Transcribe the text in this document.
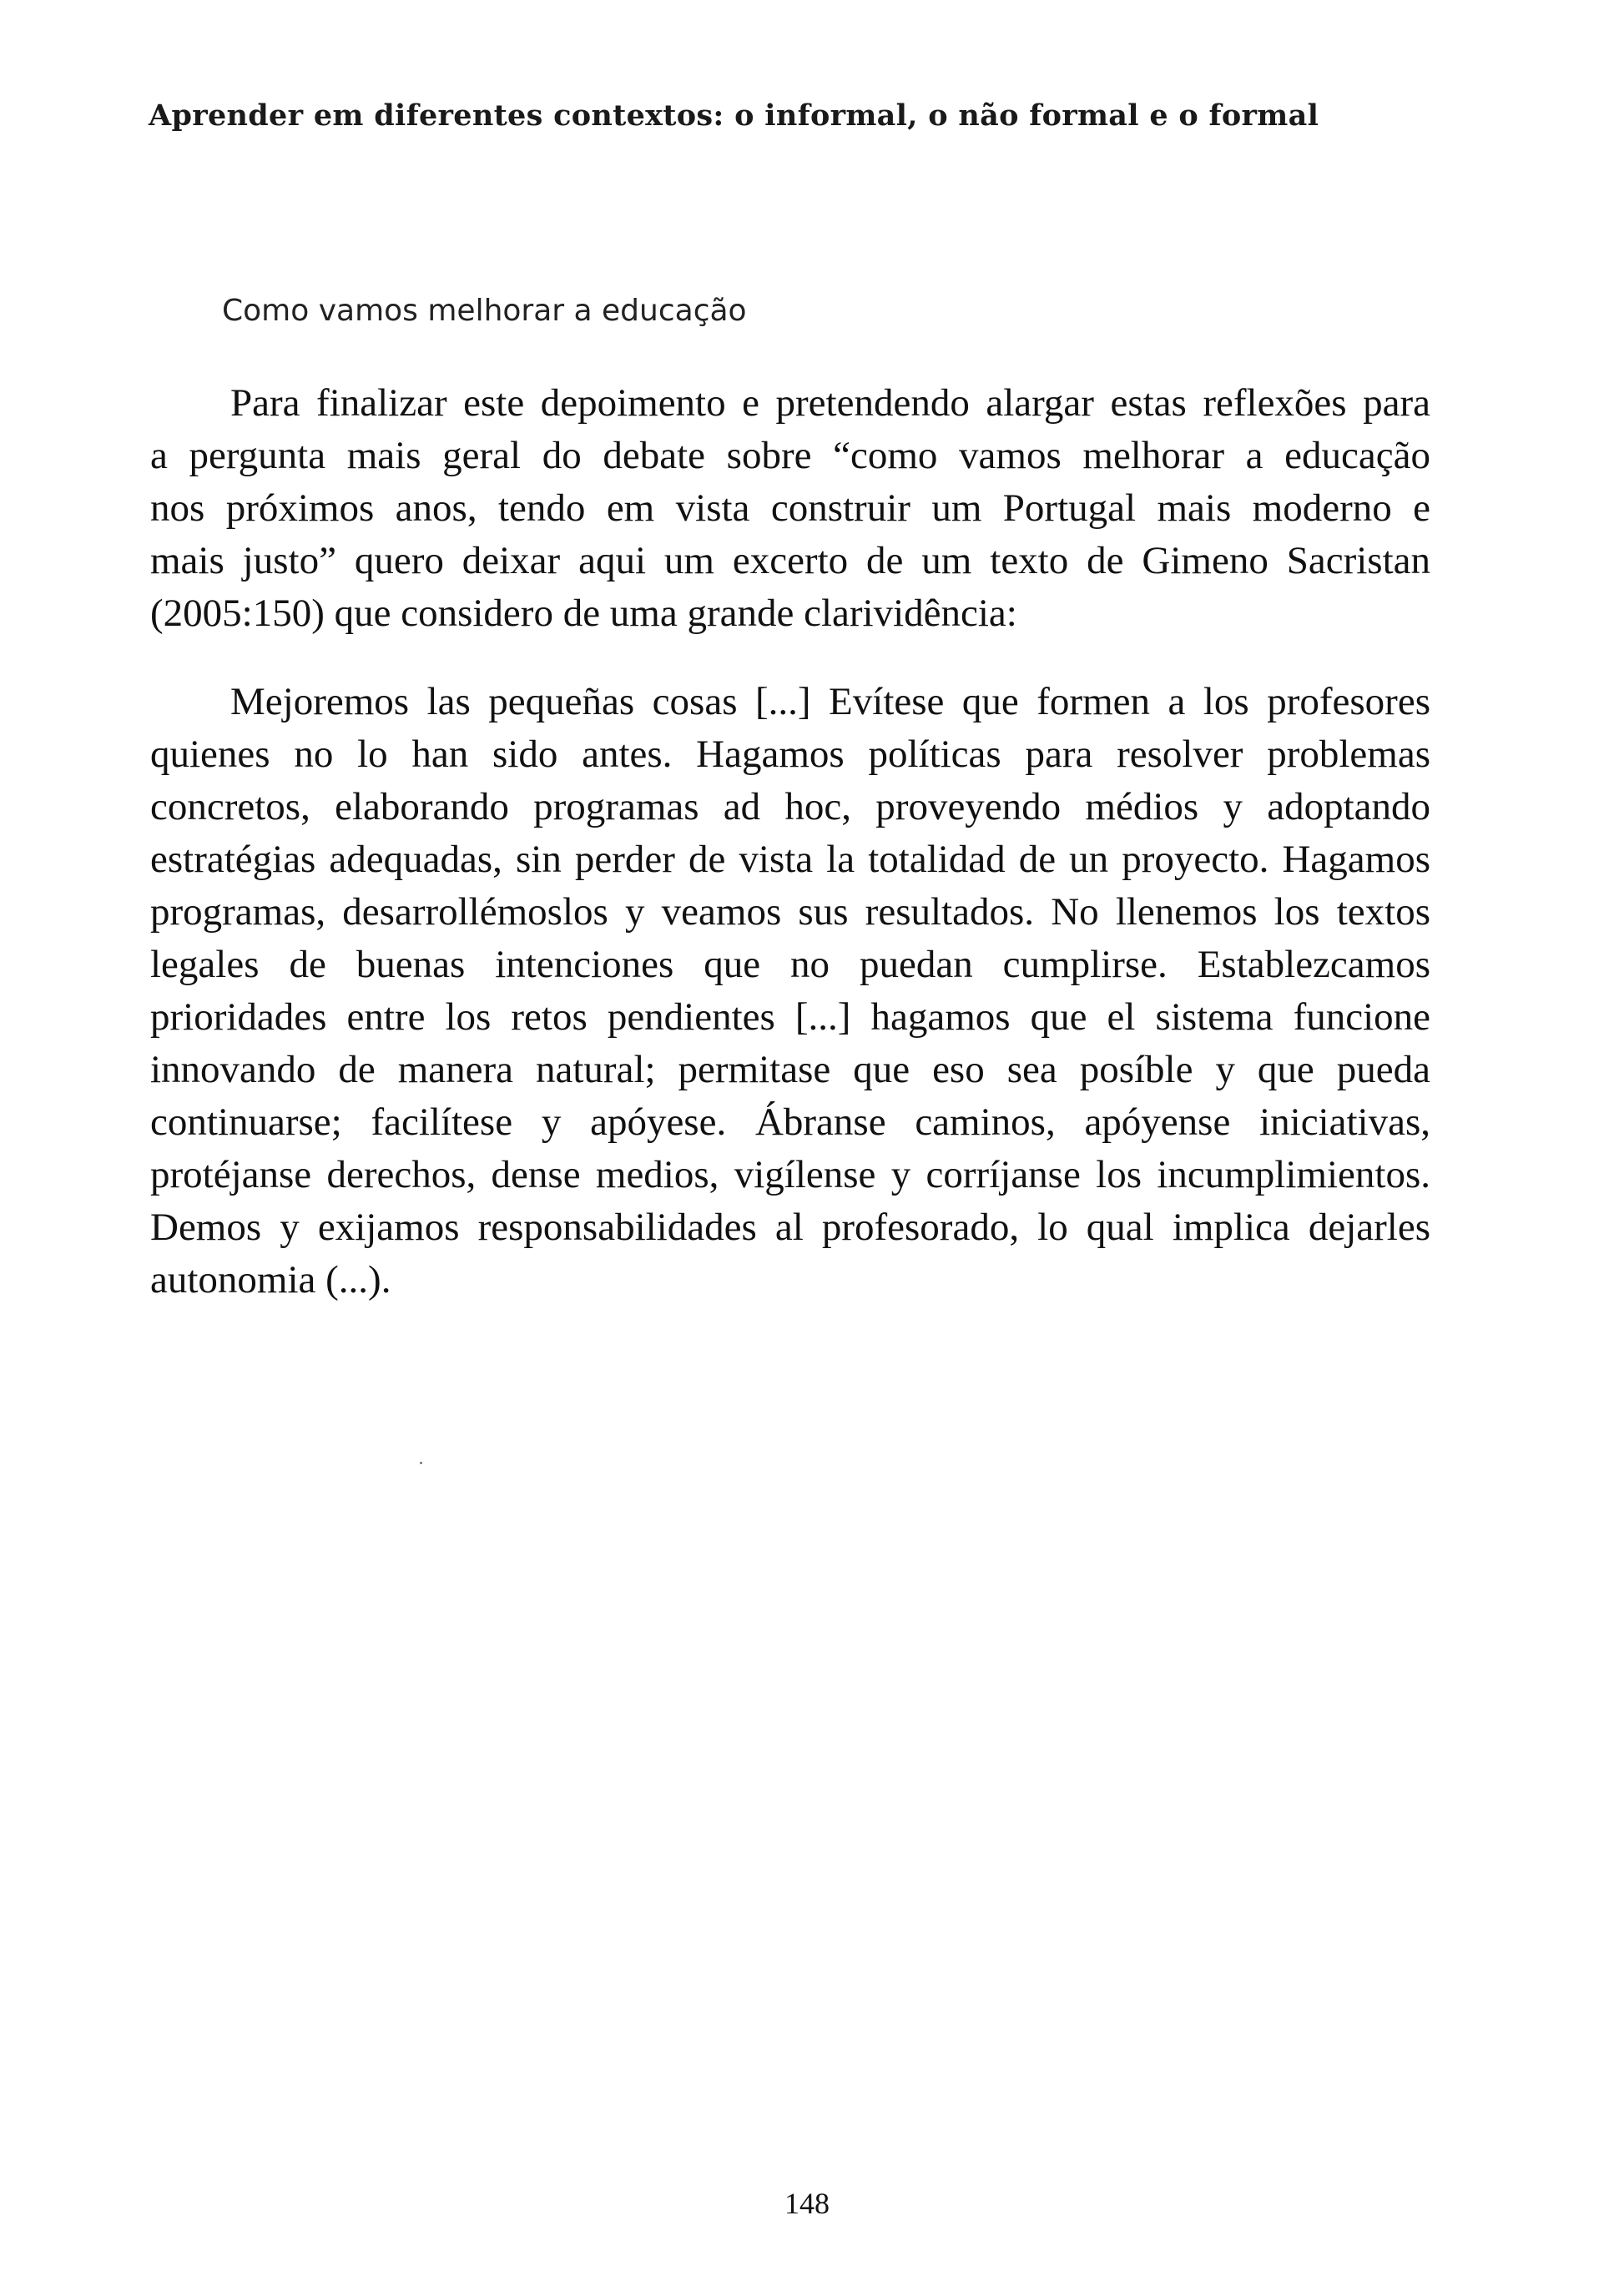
Aprender em diferentes contextos: o informal, o não formal e o formal
Como vamos melhorar a educação
Para finalizar este depoimento e pretendendo alargar estas reflexões para
a pergunta mais geral do debate sobre “como vamos melhorar a educação
nos próximos anos, tendo em vista construir um Portugal mais moderno e
mais justo” quero deixar aqui um excerto de um texto de Gimeno Sacristan
(2005:150) que considero de uma grande clarividência:
Mejoremos las pequeñas cosas [...] Evítese que formen a los profesores
quienes no lo han sido antes. Hagamos políticas para resolver problemas
concretos, elaborando programas ad hoc, proveyendo médios y adoptando
estratégias adequadas, sin perder de vista la totalidad de un proyecto. Hagamos
programas, desarrollémoslos y veamos sus resultados. No llenemos los textos
legales de buenas intenciones que no puedan cumplirse. Establezcamos
prioridades entre los retos pendientes [...] hagamos que el sistema funcione
innovando de manera natural; permitase que eso sea posíble y que pueda
continuarse; facilítese y apóyese. Ábranse caminos, apóyense iniciativas,
protéjanse derechos, dense medios, vigílense y corríjanse los incumplimientos.
Demos y exijamos responsabilidades al profesorado, lo qual implica dejarles
autonomia (...).
148
